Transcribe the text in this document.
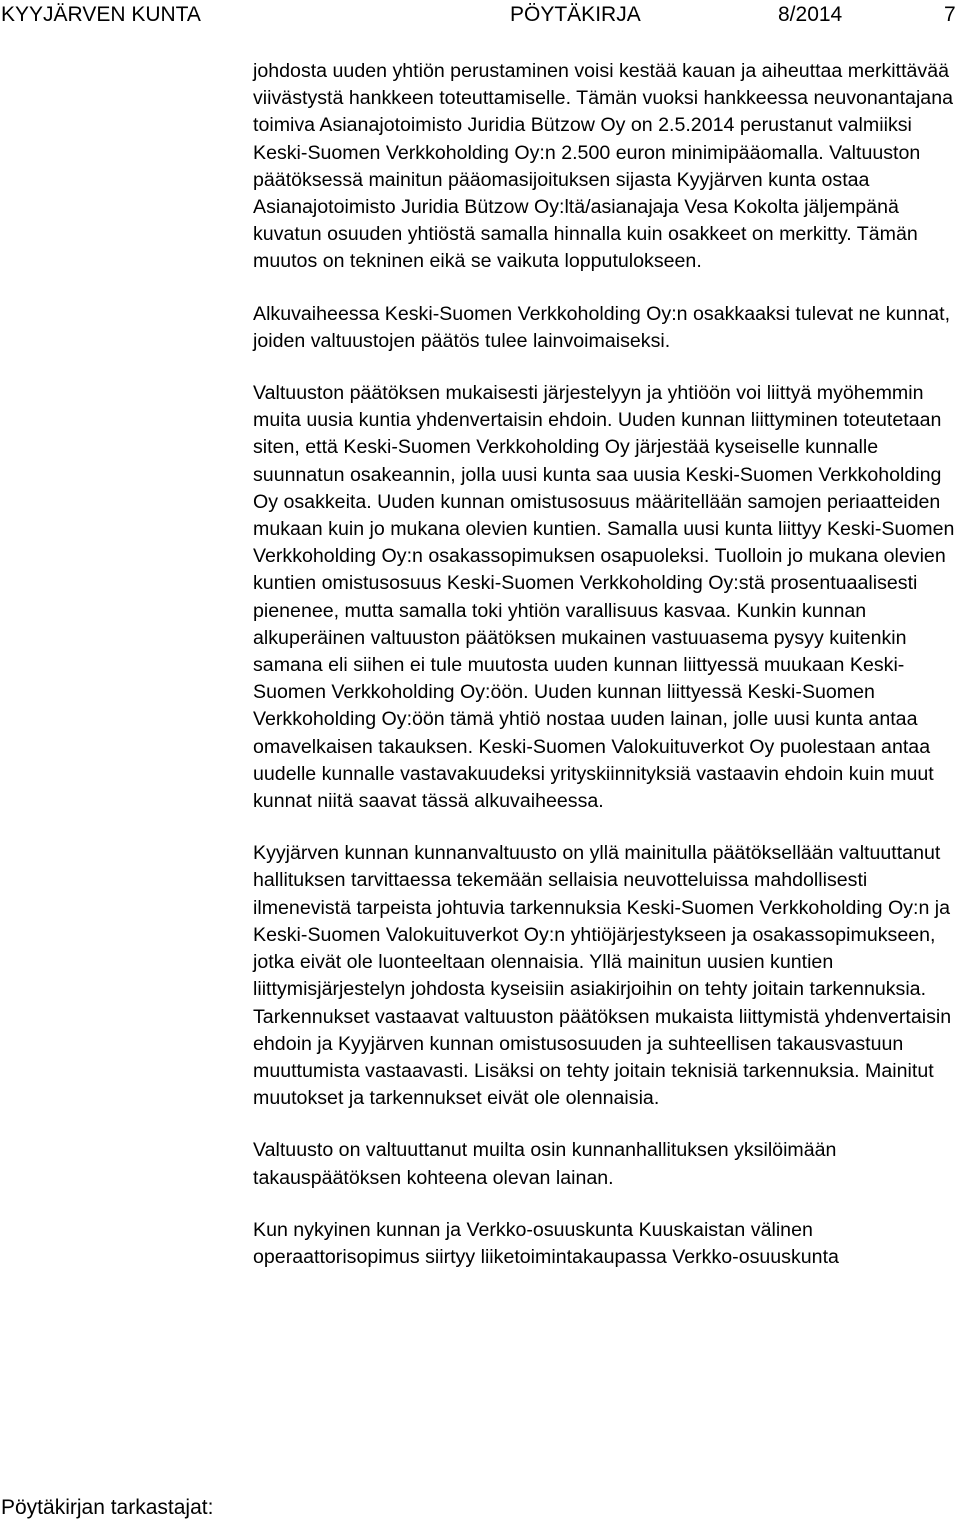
KYYJÄRVEN KUNTA	PÖYTÄKIRJA	8/2014	7

johdosta uuden yhtiön perustaminen voisi kestää kauan ja aiheuttaa merkittävää viivästystä hankkeen toteuttamiselle. Tämän vuoksi hankkeessa neuvonantajana toimiva Asianajotoimisto Juridia Bützow Oy on 2.5.2014 perustanut valmiiksi Keski-Suomen Verkkoholding Oy:n 2.500 euron minimipääomalla. Valtuuston päätöksessä mainitun pääomasijoituksen sijasta Kyyjärven kunta ostaa Asianajotoimisto Juridia Bützow Oy:ltä/asianajaja Vesa Kokolta jäljempänä kuvatun osuuden yhtiöstä samalla hinnalla kuin osakkeet on merkitty. Tämän muutos on tekninen eikä se vaikuta lopputulokseen.

Alkuvaiheessa Keski-Suomen Verkkoholding Oy:n osakkaaksi tulevat ne kunnat, joiden valtuustojen päätös tulee lainvoimaiseksi.

Valtuuston päätöksen mukaisesti järjestelyyn ja yhtiöön voi liittyä myöhemmin muita uusia kuntia yhdenvertaisin ehdoin. Uuden kunnan liittyminen toteutetaan siten, että Keski-Suomen Verkkoholding Oy järjestää kyseiselle kunnalle suunnatun osakeannin, jolla uusi kunta saa uusia Keski-Suomen Verkkoholding Oy osakkeita. Uuden kunnan omistusosuus määritellään samojen periaatteiden mukaan kuin jo mukana olevien kuntien. Samalla uusi kunta liittyy Keski-Suomen Verkkoholding Oy:n osakassopimuksen osapuoleksi. Tuolloin jo mukana olevien kuntien omistusosuus Keski-Suomen Verkkoholding Oy:stä prosentuaalisesti pienenee, mutta samalla toki yhtiön varallisuus kasvaa. Kunkin kunnan alkuperäinen valtuuston päätöksen mukainen vastuuasema pysyy kuitenkin samana eli siihen ei tule muutosta uuden kunnan liittyessä muukaan Keski-Suomen Verkkoholding Oy:öön. Uuden kunnan liittyessä Keski-Suomen Verkkoholding Oy:öön tämä yhtiö nostaa uuden lainan, jolle uusi kunta antaa omavelkaisen takauksen. Keski-Suomen Valokuituverkot Oy puolestaan antaa uudelle kunnalle vastavakuudeksi yrityskiinnityksiä vastaavin ehdoin kuin muut kunnat niitä saavat tässä alkuvaiheessa.

Kyyjärven kunnan kunnanvaltuusto on yllä mainitulla päätöksellään valtuuttanut hallituksen tarvittaessa tekemään sellaisia neuvotteluissa mahdollisesti ilmenevistä tarpeista johtuvia tarkennuksia Keski-Suomen Verkkoholding Oy:n ja Keski-Suomen Valokuituverkot Oy:n yhtiöjärjestykseen ja osakassopimukseen, jotka eivät ole luonteeltaan olennaisia. Yllä mainitun uusien kuntien liittymisjärjestelyn johdosta kyseisiin asiakirjoihin on tehty joitain tarkennuksia. Tarkennukset vastaavat valtuuston päätöksen mukaista liittymistä yhdenvertaisin ehdoin ja Kyyjärven kunnan omistusosuuden ja suhteellisen takausvastuun muuttumista vastaavasti. Lisäksi on tehty joitain teknisiä tarkennuksia. Mainitut muutokset ja tarkennukset eivät ole olennaisia.

Valtuusto on valtuuttanut muilta osin kunnanhallituksen yksilöimään takauspäätöksen kohteena olevan lainan.

Kun nykyinen kunnan ja Verkko-osuuskunta Kuuskaistan välinen operaattorisopimus siirtyy liiketoimintakaupassa Verkko-osuuskunta

Pöytäkirjan tarkastajat:
